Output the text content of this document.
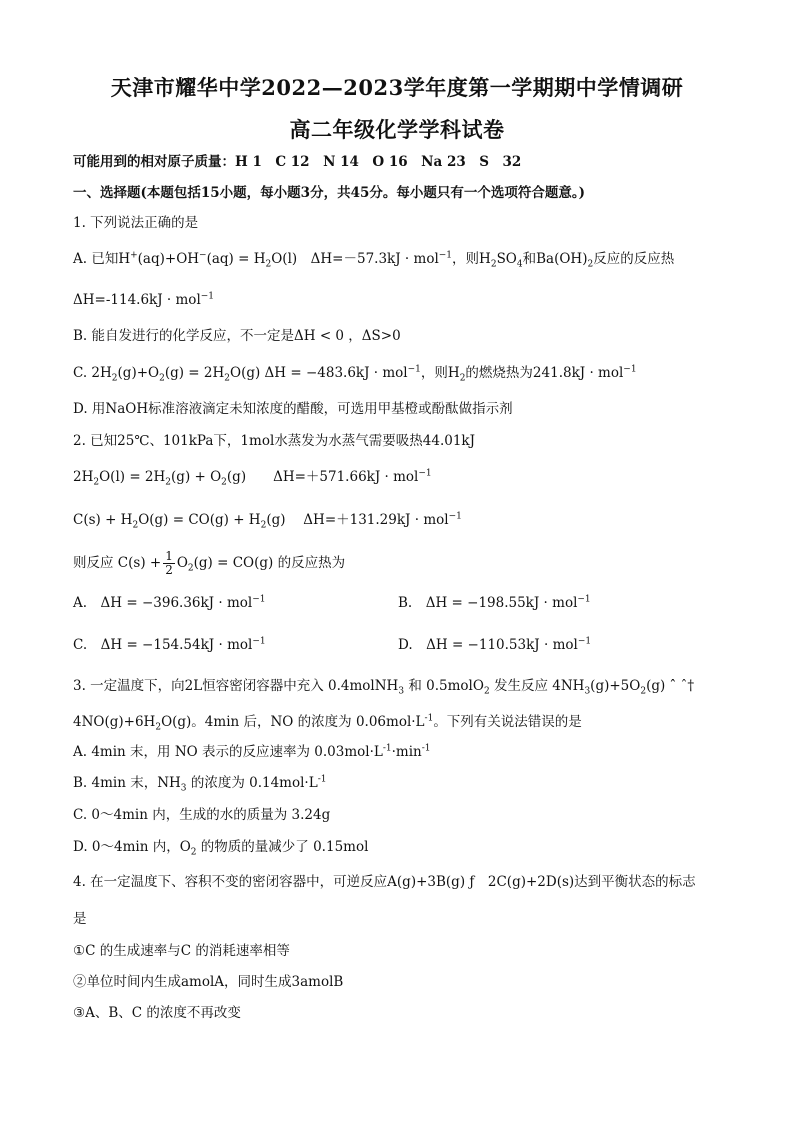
天津市耀华中学2022—2023学年度第一学期期中学情调研
高二年级化学学科试卷
可能用到的相对原子质量：H 1　C 12　N 14　O 16　Na 23　S　32
一、选择题(本题包括15小题，每小题3分，共45分。每小题只有一个选项符合题意。)
1. 下列说法正确的是
A. 已知$H^+(aq)+OH^-(aq) = H_2O(l)$　ΔH=－57.3kJ · mol$^{-1}$，则$H_2SO_4$和$Ba(OH)_2$反应的反应热
ΔH=-114.6kJ · mol$^{-1}$
B. 能自发进行的化学反应，不一定是ΔH < 0 ，ΔS>0
C. $2H_2(g)+O_2(g) = 2H_2O(g) \Delta H = -483.6kJ \cdot mol^{-1}$，则$H_2$的燃烧热为241.8kJ · mol$^{-1}$
D. 用NaOH标准溶液滴定未知浓度的醋酸，可选用甲基橙或酚酞做指示剂
2. 已知25℃、101kPa下，1mol水蒸发为水蒸气需要吸热44.01kJ
$2H_2O(l) = 2H_2(g) + O_2(g)$　　ΔH=＋571.66kJ · mol$^{-1}$
$C(s) + H_2O(g) = CO(g) + H_2(g)$　 ΔH=＋131.29kJ · mol$^{-1}$
则反应 $C(s) + \frac{1}{2} O_2(g) = CO(g)$ 的反应热为
A.　ΔH = −396.36kJ · mol$^{-1}$	B.　ΔH = −198.55kJ · mol$^{-1}$
C.　ΔH = −154.54kJ · mol$^{-1}$	D.　ΔH = −110.53kJ · mol$^{-1}$
3. 一定温度下，向2L恒容密闭容器中充入 0.4molNH$_3$ 和 0.5molO$_2$ 发生反应 $4NH_3(g)+5O_2(g)$ ˆ̂ ˆ†
$4NO(g)+6H_2O(g)$。4min 后，NO 的浓度为 $0.06mol\cdot L^{-1}$。下列有关说法错误的是
A. 4min 末，用 NO 表示的反应速率为 $0.03mol\cdot L^{-1}\cdot\min^{-1}$
B. 4min 末，$NH_3$ 的浓度为 $0.14mol\cdot L^{-1}$
C. 0～4min 内，生成的水的质量为 3.24g
D. 0～4min 内，$O_2$ 的物质的量减少了 0.15mol
4. 在一定温度下、容积不变的密闭容器中，可逆反应A(g)+3B(g) ƒ　2C(g)+2D(s)达到平衡状态的标志
是
①C 的生成速率与C 的消耗速率相等
②单位时间内生成amolA，同时生成3amolB
③A、B、C 的浓度不再改变
